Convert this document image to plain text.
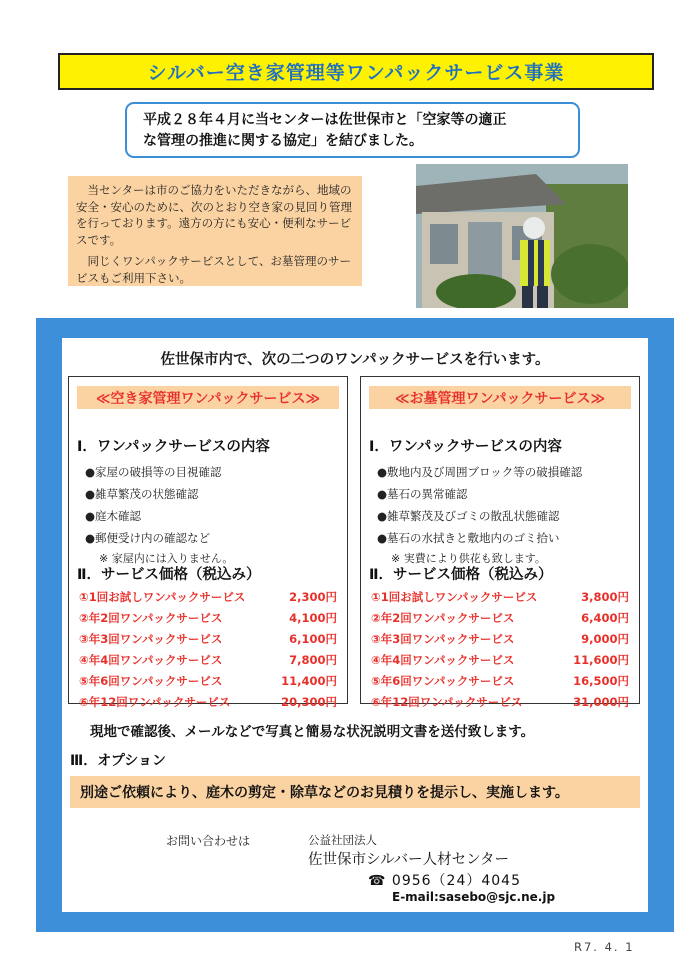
シルバー空き家管理等ワンパックサービス事業
平成２８年４月に当センターは佐世保市と「空家等の適正
な管理の推進に関する協定」を結びました。

当センターは市のご協力をいただきながら、地域の安全・安心のために、次のとおり空き家の見回り管理を行っております。遠方の方にも安心・便利なサービスです。

同じくワンパックサービスとして、お墓管理のサービスもご利用下さい。

佐世保市内で、次の二つのワンパックサービスを行います。
≪空き家管理ワンパックサービス≫
Ⅰ．ワンパックサービスの内容
●家屋の破損等の目視確認
●雑草繁茂の状態確認
●庭木確認
●郵便受け内の確認など
※ 家屋内には入りません。
Ⅱ．サービス価格（税込み）
①1回お試しワンパックサービス	2,300円
②年2回ワンパックサービス	4,100円
③年3回ワンパックサービス	6,100円
④年4回ワンパックサービス	7,800円
⑤年6回ワンパックサービス	11,400円
⑥年12回ワンパックサービス	20,300円
≪お墓管理ワンパックサービス≫
Ⅰ．ワンパックサービスの内容
●敷地内及び周囲ブロック等の破損確認
●墓石の異常確認
●雑草繁茂及びゴミの散乱状態確認
●墓石の水拭きと敷地内のゴミ拾い
※ 実費により供花も致します。
Ⅱ．サービス価格（税込み）
①1回お試しワンパックサービス	3,800円
②年2回ワンパックサービス	6,400円
③年3回ワンパックサービス	9,000円
④年4回ワンパックサービス	11,600円
⑤年6回ワンパックサービス	16,500円
⑥年12回ワンパックサービス	31,000円
現地で確認後、メールなどで写真と簡易な状況説明文書を送付致します。
Ⅲ．オプション
別途ご依頼により、庭木の剪定・除草などのお見積りを提示し、実施します。
お問い合わせは	公益社団法人
佐世保市シルバー人材センター
☎ 0956（24）4045
E-mail:sasebo@sjc.ne.jp
R7. 4. 1
